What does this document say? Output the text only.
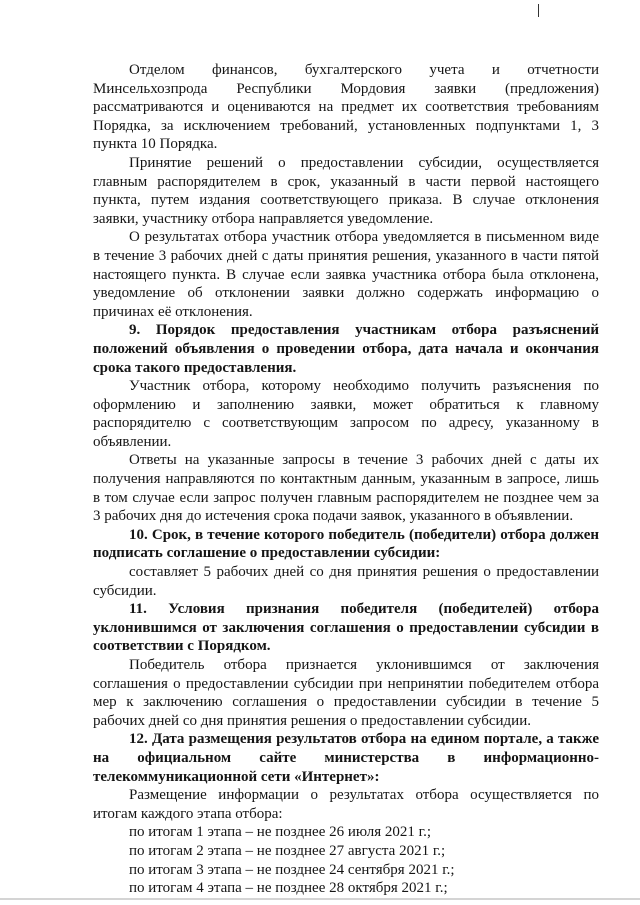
Отделом финансов, бухгалтерского учета и отчетности Минсельхозпрода Республики Мордовия заявки (предложения) рассматриваются и оцениваются на предмет их соответствия требованиям Порядка, за исключением требований, установленных подпунктами 1, 3 пункта 10 Порядка.

Принятие решений о предоставлении субсидии, осуществляется главным распорядителем в срок, указанный в части первой настоящего пункта, путем издания соответствующего приказа. В случае отклонения заявки, участнику отбора направляется уведомление.

О результатах отбора участник отбора уведомляется в письменном виде в течение 3 рабочих дней с даты принятия решения, указанного в части пятой настоящего пункта. В случае если заявка участника отбора была отклонена, уведомление об отклонении заявки должно содержать информацию о причинах её отклонения.

9. Порядок предоставления участникам отбора разъяснений положений объявления о проведении отбора, дата начала и окончания срока такого предоставления.

Участник отбора, которому необходимо получить разъяснения по оформлению и заполнению заявки, может обратиться к главному распорядителю с соответствующим запросом по адресу, указанному в объявлении.

Ответы на указанные запросы в течение 3 рабочих дней с даты их получения направляются по контактным данным, указанным в запросе, лишь в том случае если запрос получен главным распорядителем не позднее чем за 3 рабочих дня до истечения срока подачи заявок, указанного в объявлении.

10. Срок, в течение которого победитель (победители) отбора должен подписать соглашение о предоставлении субсидии:

составляет 5 рабочих дней со дня принятия решения о предоставлении субсидии.

11. Условия признания победителя (победителей) отбора уклонившимся от заключения соглашения о предоставлении субсидии в соответствии с Порядком.

Победитель отбора признается уклонившимся от заключения соглашения о предоставлении субсидии при непринятии победителем отбора мер к заключению соглашения о предоставлении субсидии в течение 5 рабочих дней со дня принятия решения о предоставлении субсидии.

12. Дата размещения результатов отбора на едином портале, а также на официальном сайте министерства в информационно-телекоммуникационной сети «Интернет»:

Размещение информации о результатах отбора осуществляется по итогам каждого этапа отбора:

по итогам 1 этапа – не позднее 26 июля 2021 г.;

по итогам 2 этапа – не позднее 27 августа 2021 г.;

по итогам 3 этапа – не позднее 24 сентября 2021 г.;

по итогам 4 этапа – не позднее 28 октября 2021 г.;
